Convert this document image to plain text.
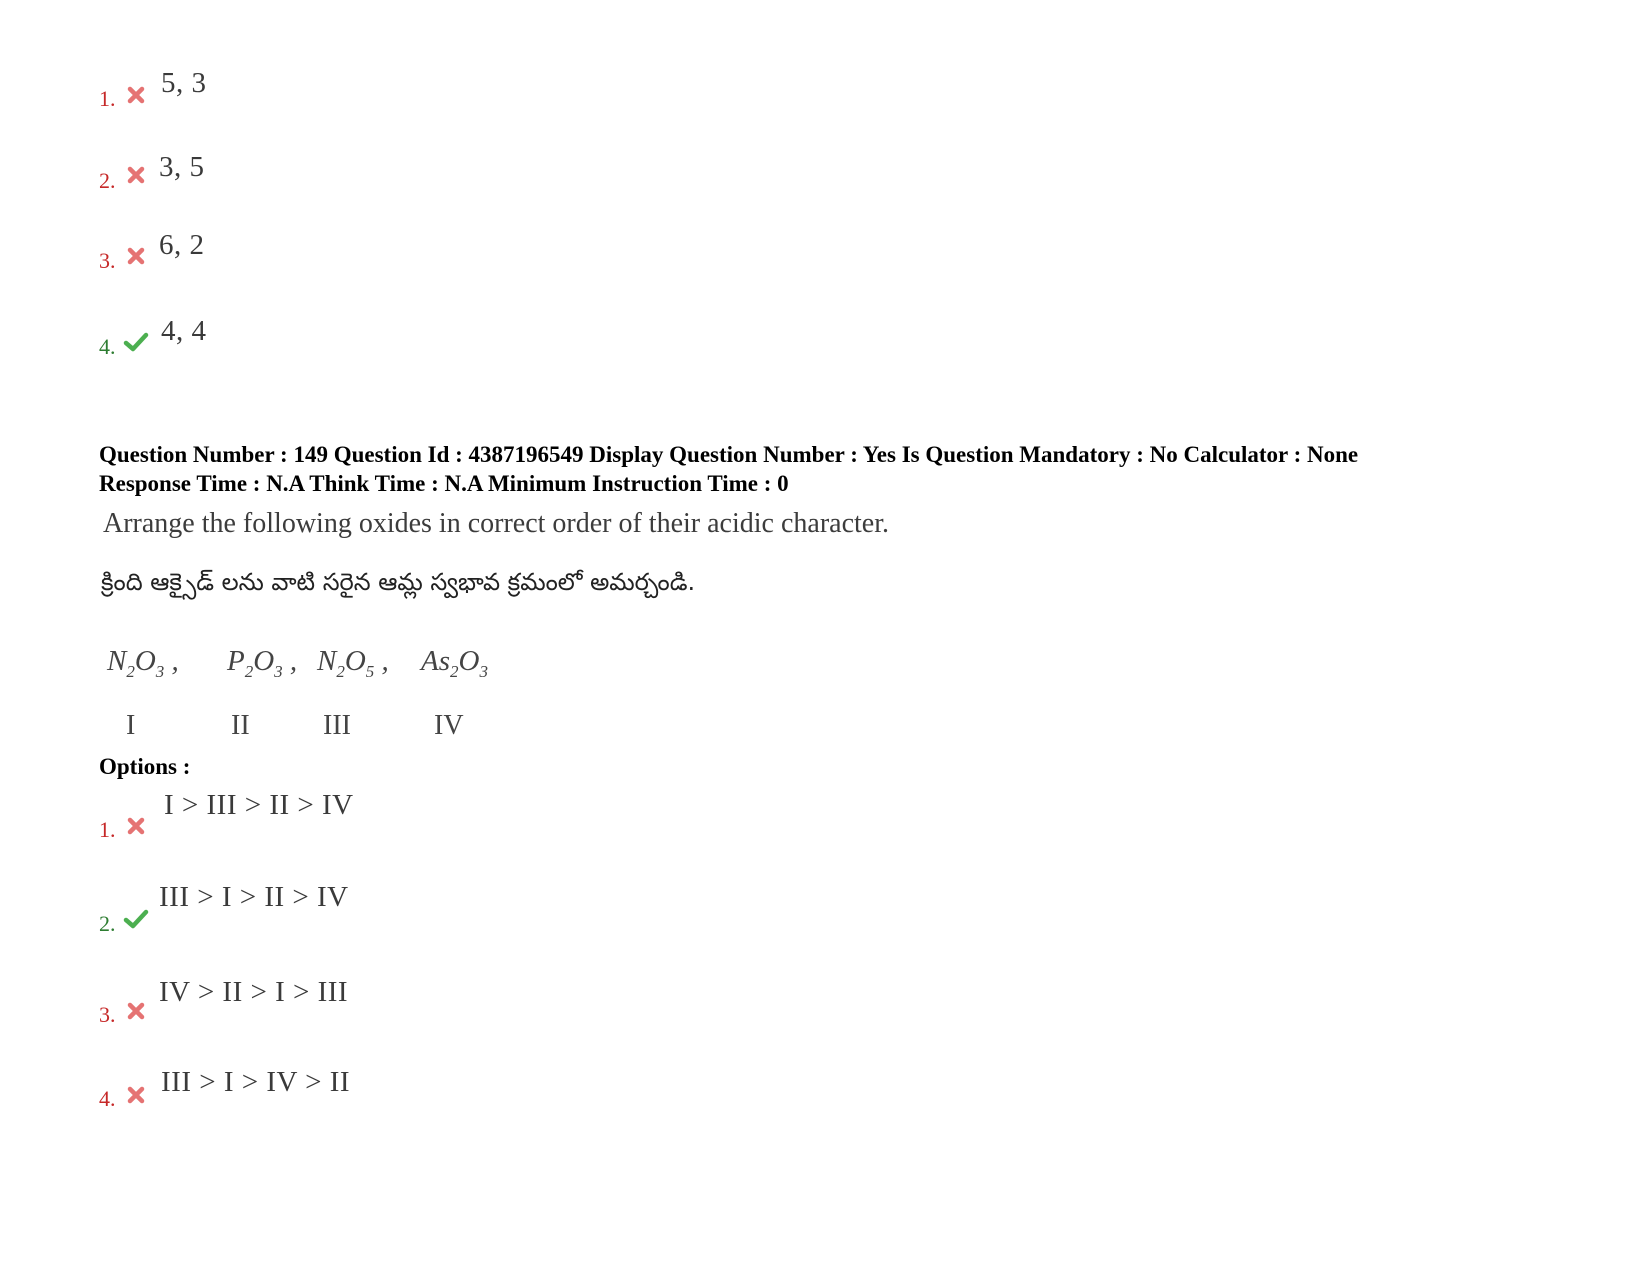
1. 5, 3
2. 3, 5
3. 6, 2
4. 4, 4
Question Number : 149 Question Id : 4387196549 Display Question Number : Yes Is Question Mandatory : No Calculator : None
Response Time : N.A Think Time : N.A Minimum Instruction Time : 0
Arrange the following oxides in correct order of their acidic character.
క్రింది ఆక్సైడ్ లను వాటి సరైన ఆమ్ల స్వభావ క్రమంలో అమర్చండి.
$N_2O_3$ , $P_2O_3$ , $N_2O_5$ , $As_2O_3$
I	II	III	IV
Options :
1.
I > III > II > IV
2.
III > I > II > IV
3.
IV > II > I > III
4.
III > I > IV > II
